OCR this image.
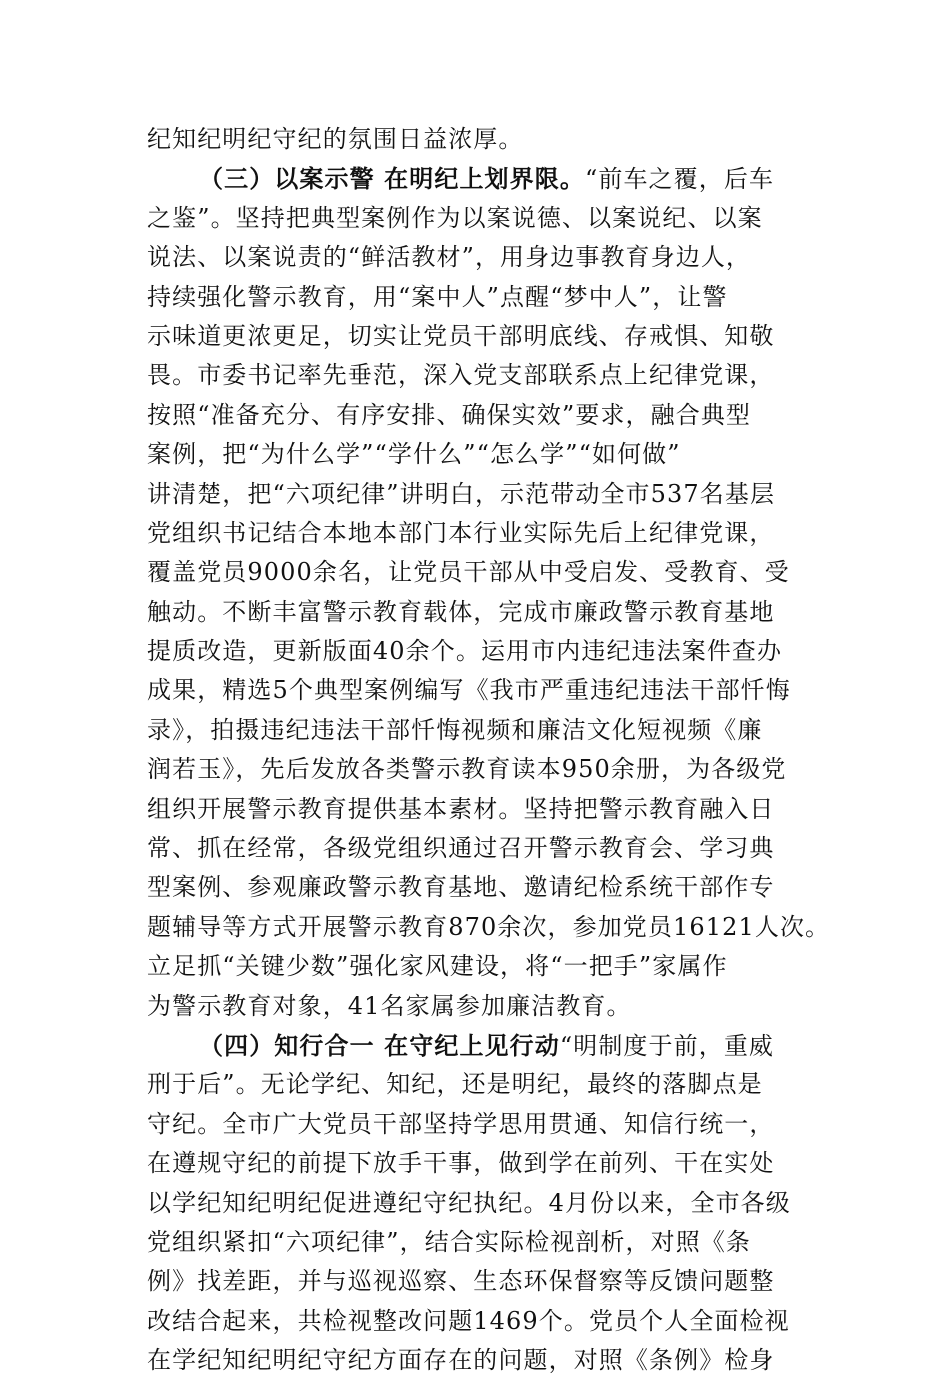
纪知纪明纪守纪的氛围日益浓厚。
（三）以案示警 在明纪上划界限。“前车之覆，后车
之鉴”。坚持把典型案例作为以案说德、以案说纪、以案
说法、以案说责的“鲜活教材”，用身边事教育身边人，
持续强化警示教育，用“案中人”点醒“梦中人”，让警
示味道更浓更足，切实让党员干部明底线、存戒惧、知敬
畏。市委书记率先垂范，深入党支部联系点上纪律党课，
按照“准备充分、有序安排、确保实效”要求，融合典型
案例，把“为什么学”“学什么”“怎么学”“如何做”
讲清楚，把“六项纪律”讲明白，示范带动全市537名基层
党组织书记结合本地本部门本行业实际先后上纪律党课，
覆盖党员9000余名，让党员干部从中受启发、受教育、受
触动。不断丰富警示教育载体，完成市廉政警示教育基地
提质改造，更新版面40余个。运用市内违纪违法案件查办
成果，精选5个典型案例编写《我市严重违纪违法干部忏悔
录》，拍摄违纪违法干部忏悔视频和廉洁文化短视频《廉
润若玉》，先后发放各类警示教育读本950余册，为各级党
组织开展警示教育提供基本素材。坚持把警示教育融入日
常、抓在经常，各级党组织通过召开警示教育会、学习典
型案例、参观廉政警示教育基地、邀请纪检系统干部作专
题辅导等方式开展警示教育870余次，参加党员16121人次。
立足抓“关键少数”强化家风建设，将“一把手”家属作
为警示教育对象，41名家属参加廉洁教育。
（四）知行合一 在守纪上见行动“明制度于前，重威
刑于后”。无论学纪、知纪，还是明纪，最终的落脚点是
守纪。全市广大党员干部坚持学思用贯通、知信行统一，
在遵规守纪的前提下放手干事，做到学在前列、干在实处
以学纪知纪明纪促进遵纪守纪执纪。4月份以来，全市各级
党组织紧扣“六项纪律”，结合实际检视剖析，对照《条
例》找差距，并与巡视巡察、生态环保督察等反馈问题整
改结合起来，共检视整改问题1469个。党员个人全面检视
在学纪知纪明纪守纪方面存在的问题，对照《条例》检身
